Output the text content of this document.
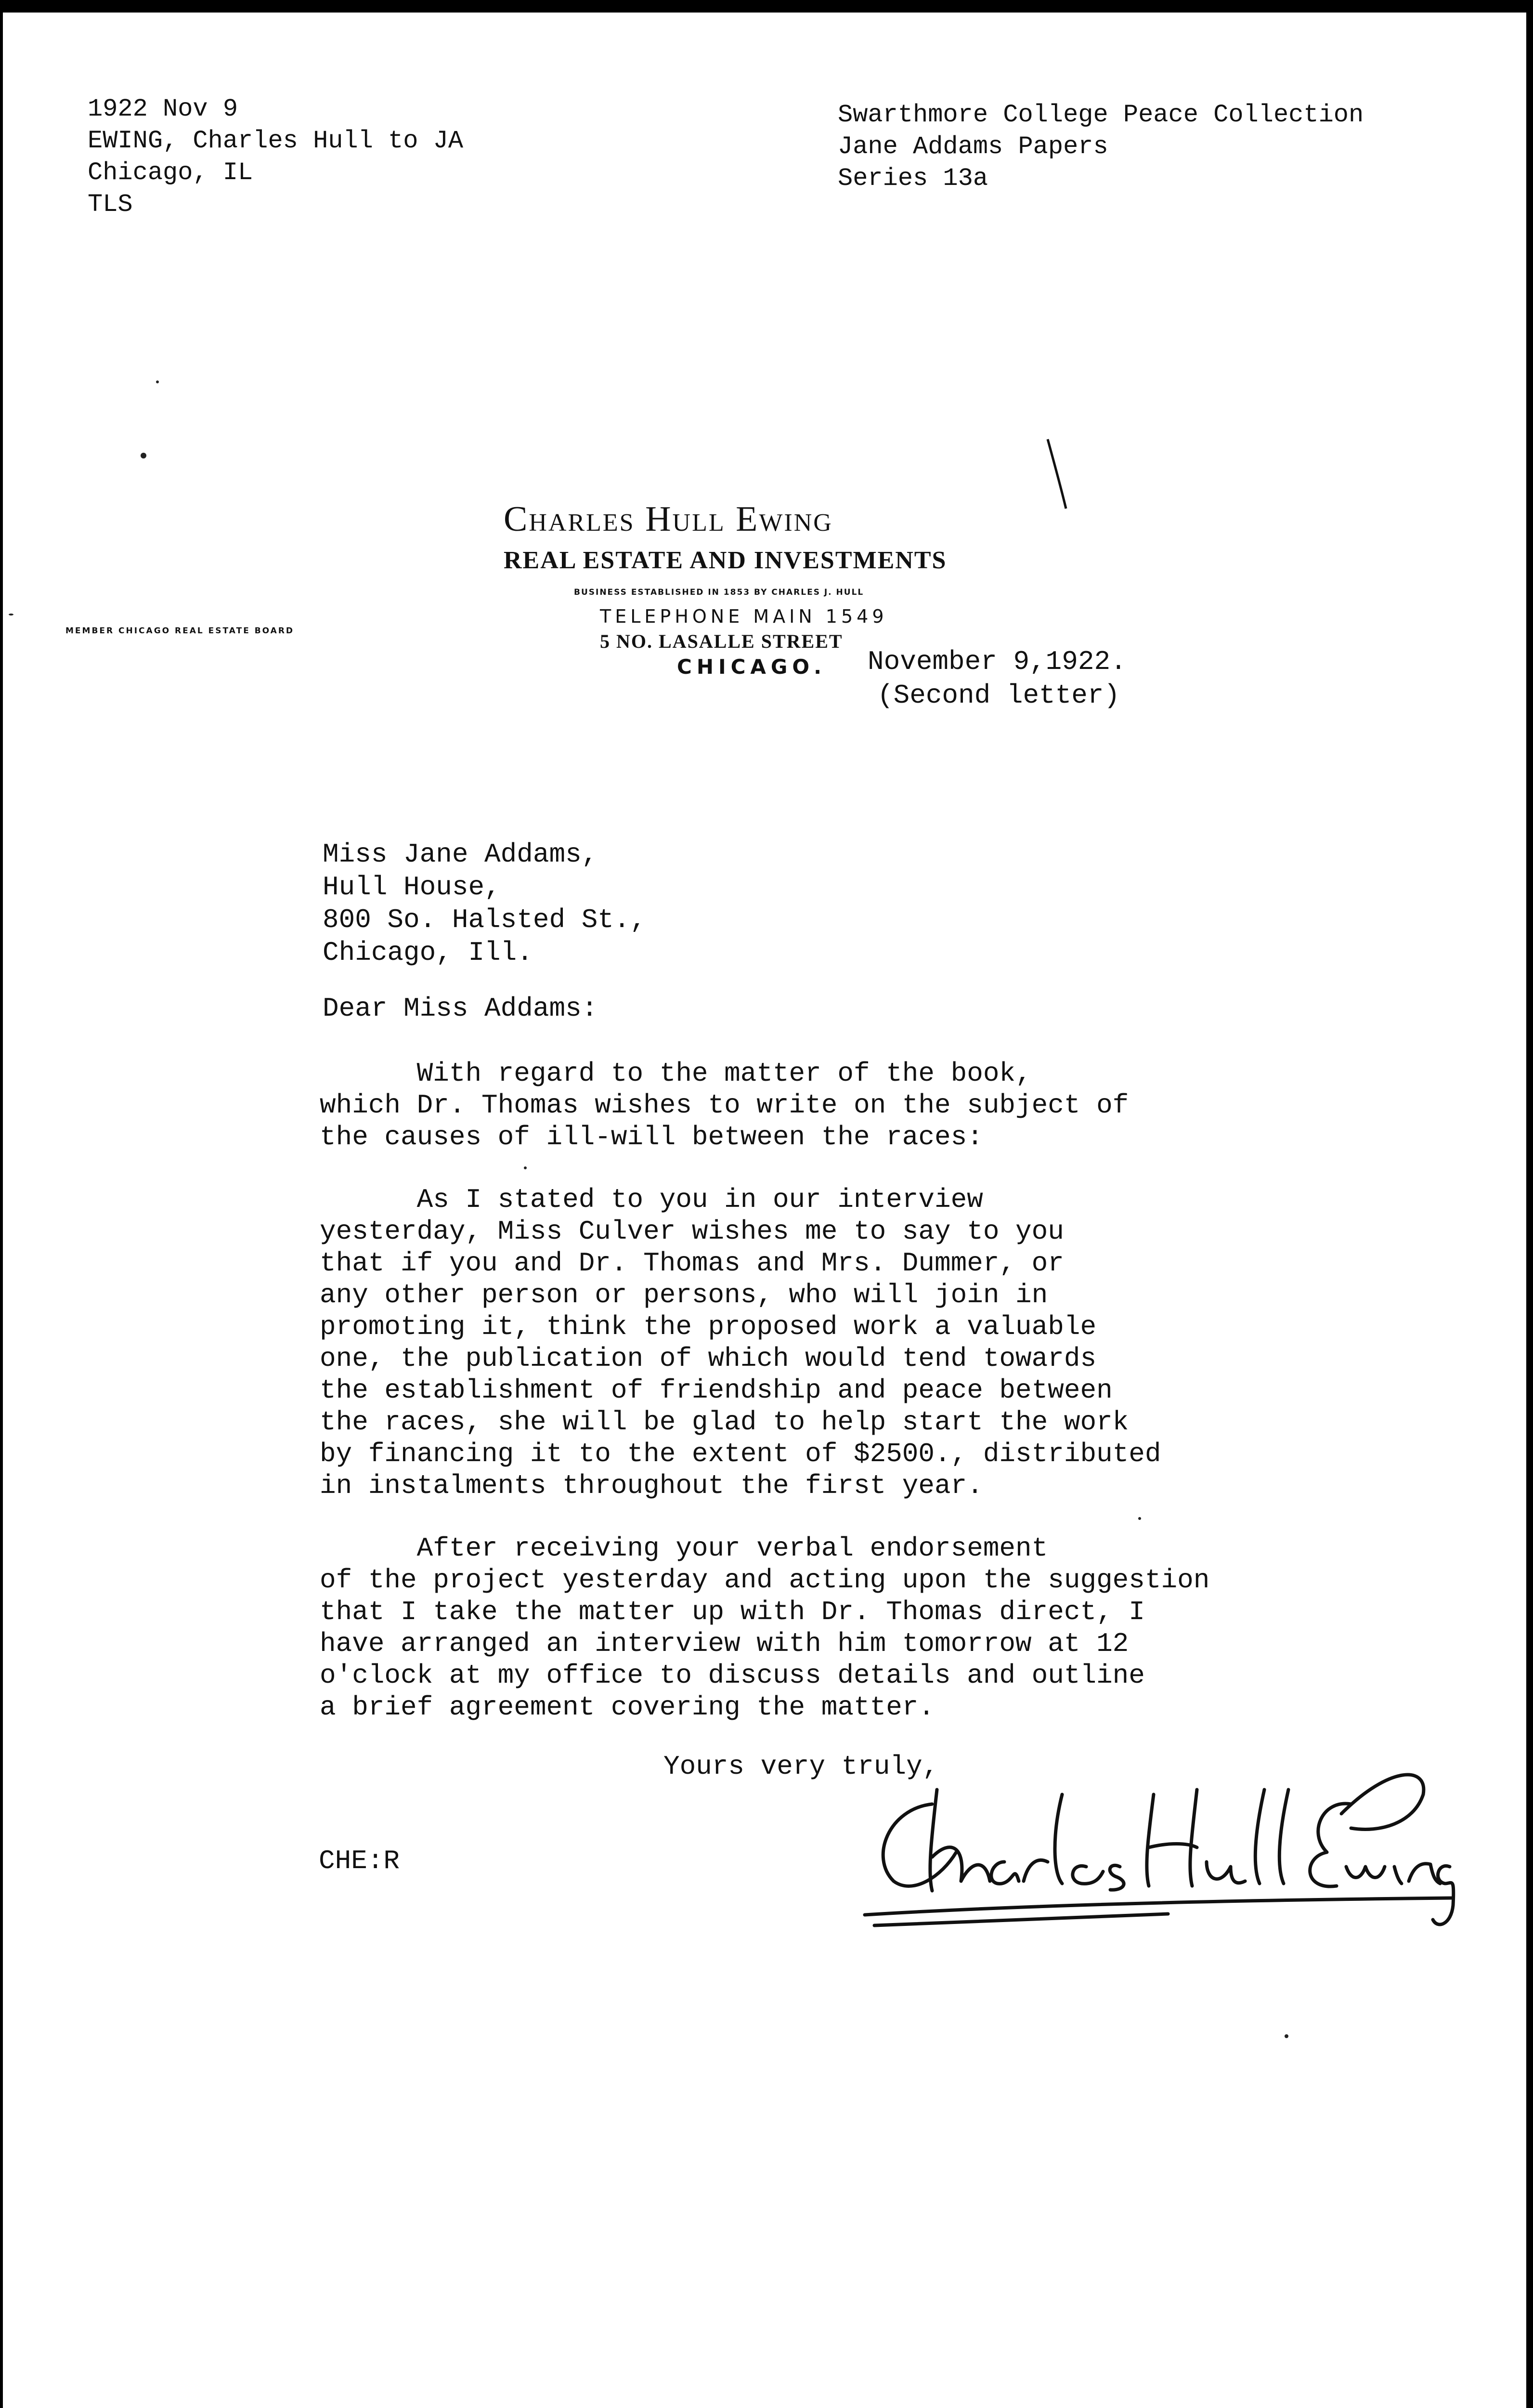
1922 Nov 9
EWING, Charles Hull to JA
Chicago, IL
TLS
Swarthmore College Peace Collection
Jane Addams Papers
Series 13a
Charles Hull Ewing
REAL ESTATE AND INVESTMENTS
BUSINESS ESTABLISHED IN 1853 BY CHARLES J. HULL
TELEPHONE MAIN 1549
5 NO. LASALLE STREET
CHICAGO.
MEMBER CHICAGO REAL ESTATE BOARD
November 9,1922.
(Second letter)
Miss Jane Addams,
Hull House,
800 So. Halsted St.,
Chicago, Ill.
Dear Miss Addams:
With regard to the matter of the book,
which Dr. Thomas wishes to write on the subject of
the causes of ill-will between the races:
As I stated to you in our interview
yesterday, Miss Culver wishes me to say to you
that if you and Dr. Thomas and Mrs. Dummer, or
any other person or persons, who will join in
promoting it, think the proposed work a valuable
one, the publication of which would tend towards
the establishment of friendship and peace between
the races, she will be glad to help start the work
by financing it to the extent of $2500., distributed
in instalments throughout the first year.
After receiving your verbal endorsement
of the project yesterday and acting upon the suggestion
that I take the matter up with Dr. Thomas direct, I
have arranged an interview with him tomorrow at 12
o'clock at my office to discuss details and outline
a brief agreement covering the matter.
Yours very truly,
CHE:R
